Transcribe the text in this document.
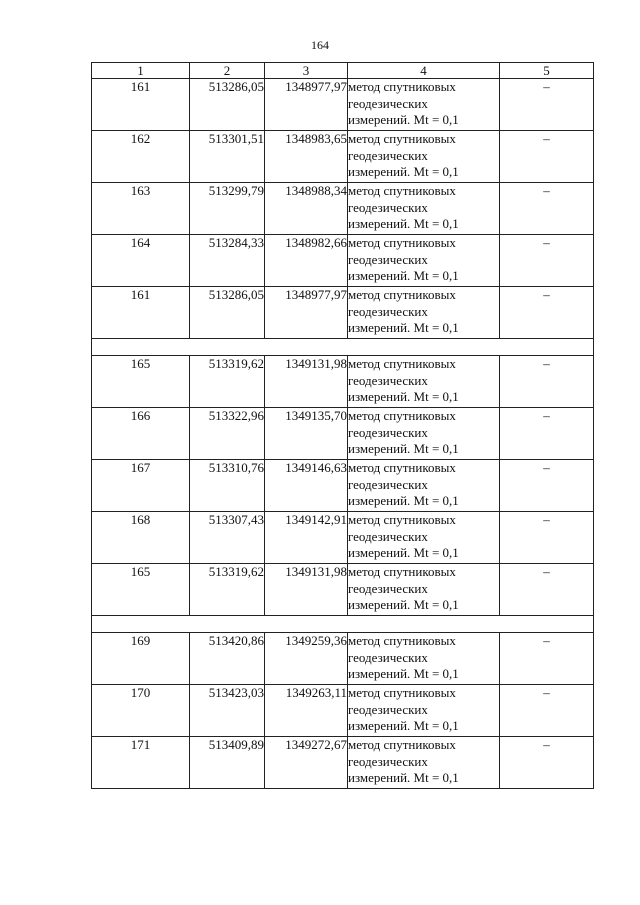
164
1	2	3	4	5
161	513286,05	1348977,97	метод спутниковых
геодезических
измерений. Mt = 0,1	–
162	513301,51	1348983,65	метод спутниковых
геодезических
измерений. Mt = 0,1	–
163	513299,79	1348988,34	метод спутниковых
геодезических
измерений. Mt = 0,1	–
164	513284,33	1348982,66	метод спутниковых
геодезических
измерений. Mt = 0,1	–
161	513286,05	1348977,97	метод спутниковых
геодезических
измерений. Mt = 0,1	–

165	513319,62	1349131,98	метод спутниковых
геодезических
измерений. Mt = 0,1	–
166	513322,96	1349135,70	метод спутниковых
геодезических
измерений. Mt = 0,1	–
167	513310,76	1349146,63	метод спутниковых
геодезических
измерений. Mt = 0,1	–
168	513307,43	1349142,91	метод спутниковых
геодезических
измерений. Mt = 0,1	–
165	513319,62	1349131,98	метод спутниковых
геодезических
измерений. Mt = 0,1	–

169	513420,86	1349259,36	метод спутниковых
геодезических
измерений. Mt = 0,1	–
170	513423,03	1349263,11	метод спутниковых
геодезических
измерений. Mt = 0,1	–
171	513409,89	1349272,67	метод спутниковых
геодезических
измерений. Mt = 0,1	–
